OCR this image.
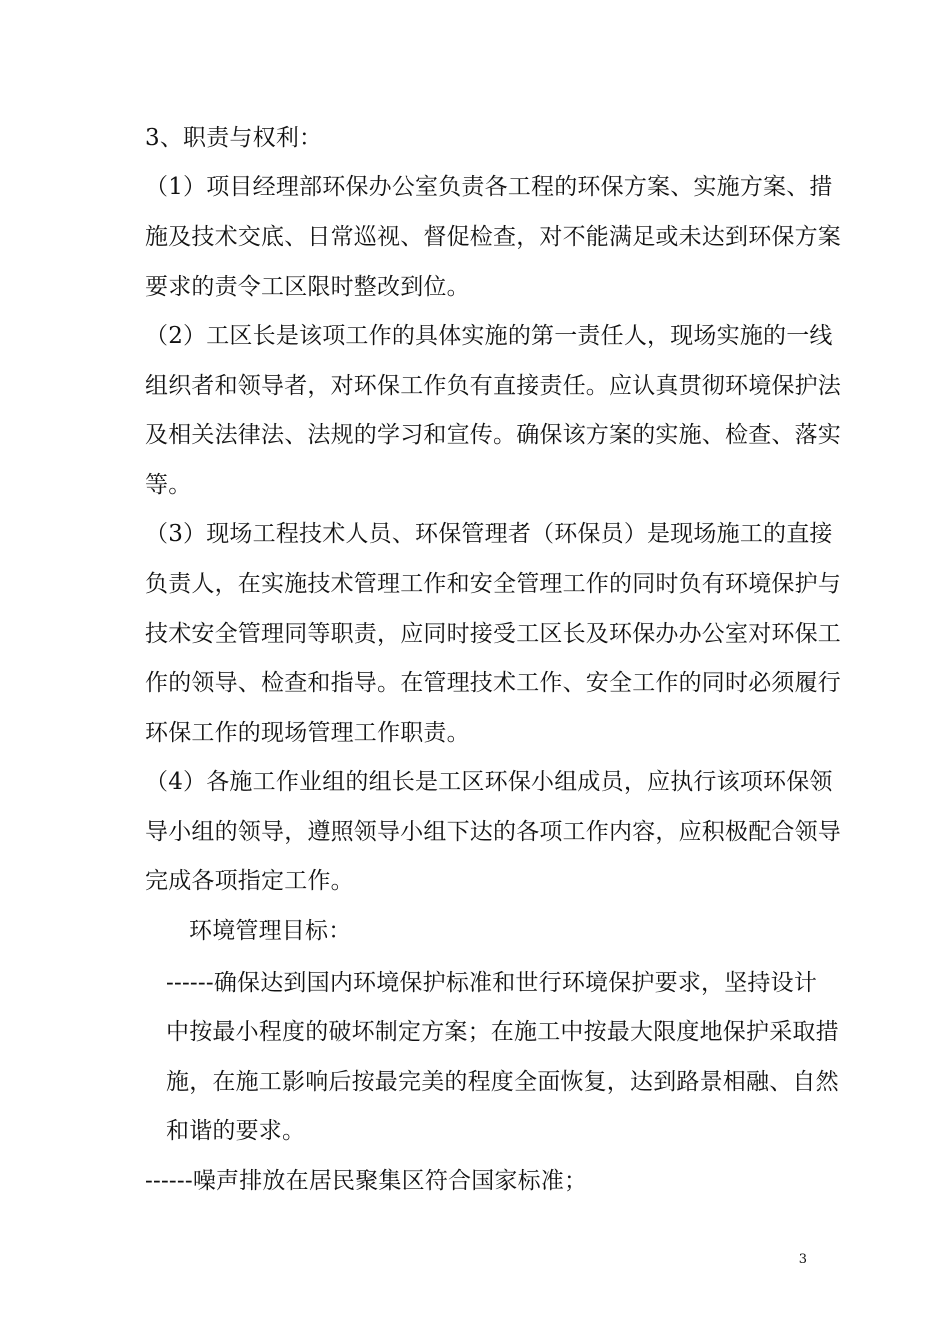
3、职责与权利：
（1）项目经理部环保办公室负责各工程的环保方案、实施方案、措
施及技术交底、日常巡视、督促检查，对不能满足或未达到环保方案
要求的责令工区限时整改到位。
（2）工区长是该项工作的具体实施的第一责任人，现场实施的一线
组织者和领导者，对环保工作负有直接责任。应认真贯彻环境保护法
及相关法律法、法规的学习和宣传。确保该方案的实施、检查、落实
等。
（3）现场工程技术人员、环保管理者（环保员）是现场施工的直接
负责人，在实施技术管理工作和安全管理工作的同时负有环境保护与
技术安全管理同等职责，应同时接受工区长及环保办办公室对环保工
作的领导、检查和指导。在管理技术工作、安全工作的同时必须履行
环保工作的现场管理工作职责。
（4）各施工作业组的组长是工区环保小组成员，应执行该项环保领
导小组的领导，遵照领导小组下达的各项工作内容，应积极配合领导
完成各项指定工作。
环境管理目标：
------确保达到国内环境保护标准和世行环境保护要求，坚持设计
中按最小程度的破坏制定方案；在施工中按最大限度地保护采取措
施，在施工影响后按最完美的程度全面恢复，达到路景相融、自然
和谐的要求。
------噪声排放在居民聚集区符合国家标准；
3
